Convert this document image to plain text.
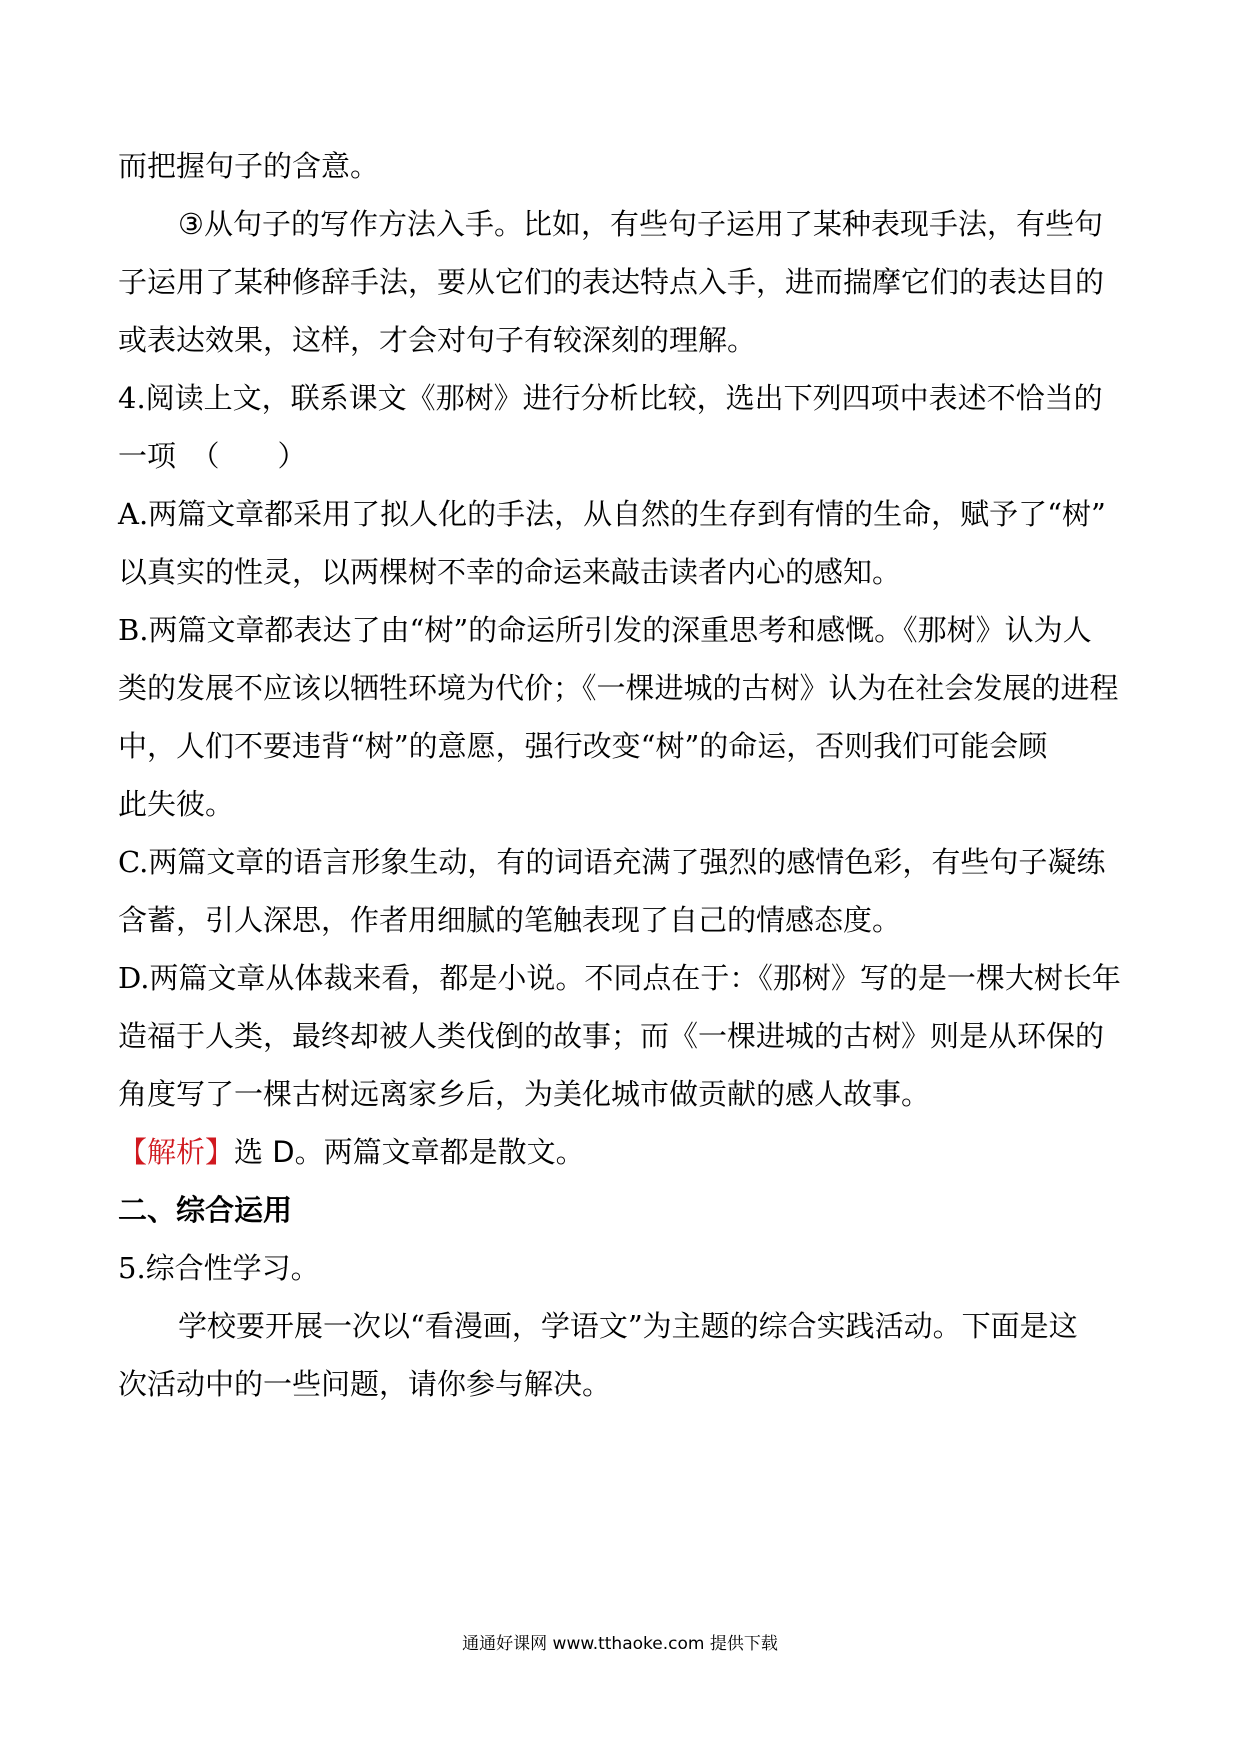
而把握句子的含意。
③从句子的写作方法入手。比如，有些句子运用了某种表现手法，有些句
子运用了某种修辞手法，要从它们的表达特点入手，进而揣摩它们的表达目的
或表达效果，这样，才会对句子有较深刻的理解。
4.阅读上文，联系课文《那树》进行分析比较，选出下列四项中表述不恰当的
一项　（　　）
A.两篇文章都采用了拟人化的手法，从自然的生存到有情的生命，赋予了“树”
以真实的性灵，以两棵树不幸的命运来敲击读者内心的感知。
B.两篇文章都表达了由“树”的命运所引发的深重思考和感慨。《那树》认为人
类的发展不应该以牺牲环境为代价；《一棵进城的古树》认为在社会发展的进程
中，人们不要违背“树”的意愿，强行改变“树”的命运，否则我们可能会顾
此失彼。
C.两篇文章的语言形象生动，有的词语充满了强烈的感情色彩，有些句子凝练
含蓄，引人深思，作者用细腻的笔触表现了自己的情感态度。
D.两篇文章从体裁来看，都是小说。不同点在于：《那树》写的是一棵大树长年
造福于人类，最终却被人类伐倒的故事；而《一棵进城的古树》则是从环保的
角度写了一棵古树远离家乡后，为美化城市做贡献的感人故事。
【解析】选 D。两篇文章都是散文。
二、综合运用
5.综合性学习。
学校要开展一次以“看漫画，学语文”为主题的综合实践活动。下面是这
次活动中的一些问题，请你参与解决。
通通好课网 www.tthaoke.com 提供下载
